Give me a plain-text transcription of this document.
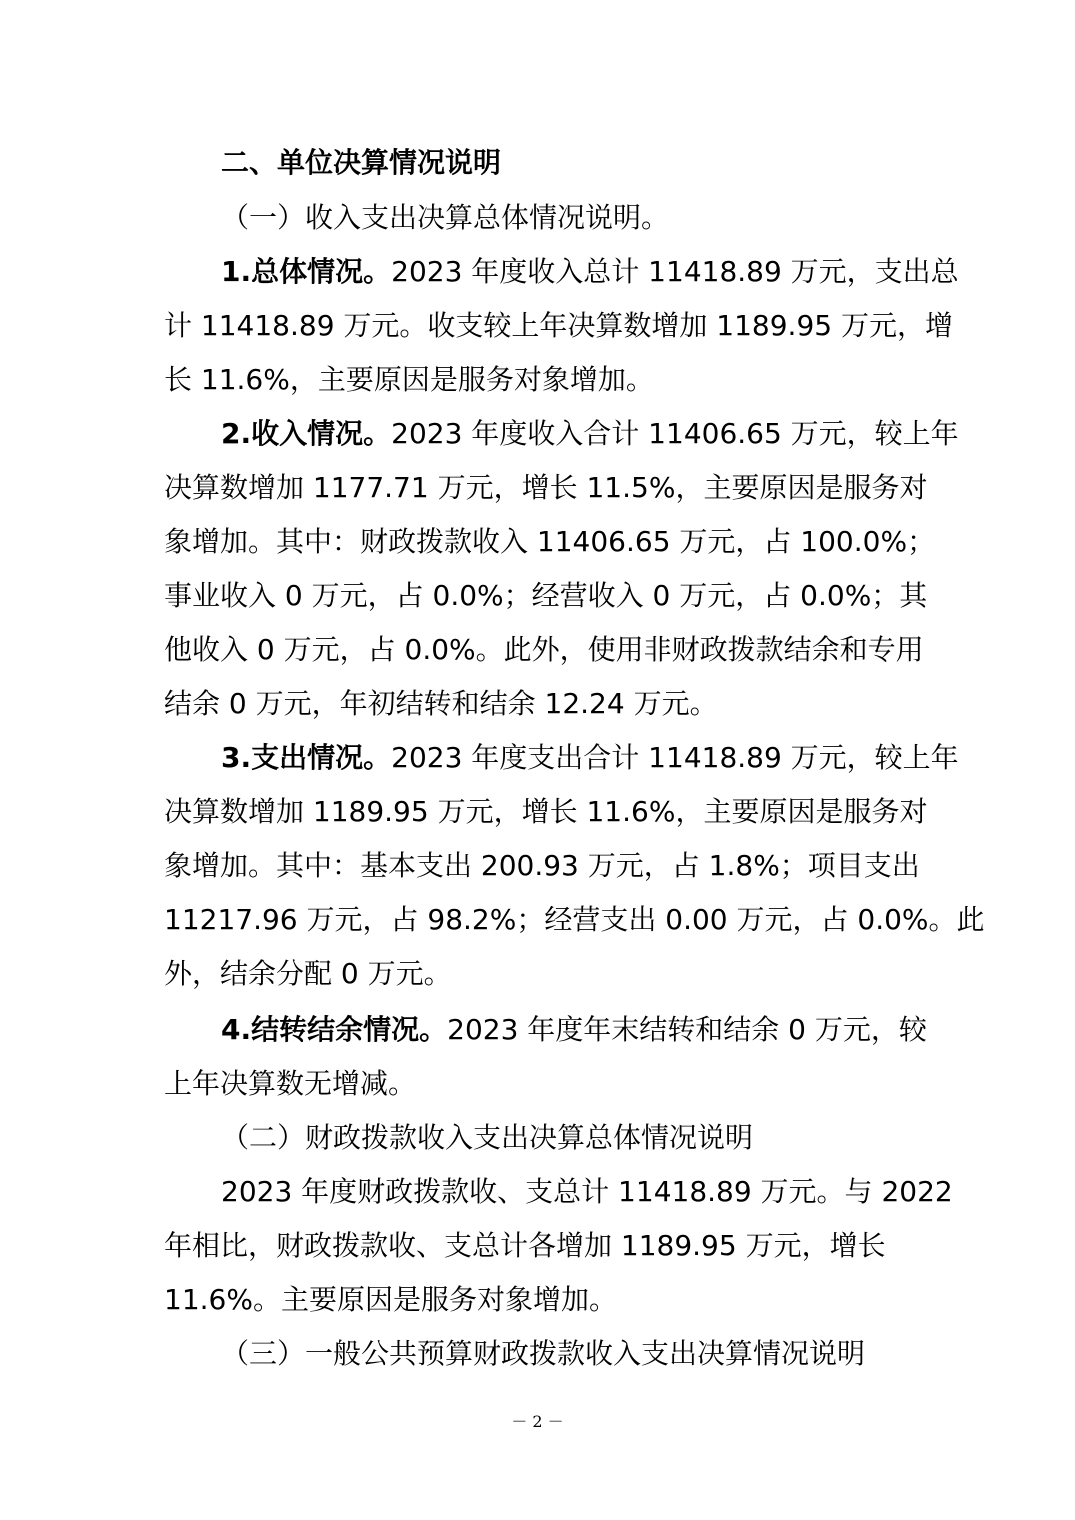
二、单位决算情况说明
（一）收入支出决算总体情况说明。
1.总体情况。2023 年度收入总计 11418.89 万元，支出总
计 11418.89 万元。收支较上年决算数增加 1189.95 万元，增
长 11.6%，主要原因是服务对象增加。
2.收入情况。2023 年度收入合计 11406.65 万元，较上年
决算数增加 1177.71 万元，增长 11.5%，主要原因是服务对
象增加。其中：财政拨款收入 11406.65 万元，占 100.0%；
事业收入 0 万元，占 0.0%；经营收入 0 万元，占 0.0%；其
他收入 0 万元，占 0.0%。此外，使用非财政拨款结余和专用
结余 0 万元，年初结转和结余 12.24 万元。
3.支出情况。2023 年度支出合计 11418.89 万元，较上年
决算数增加 1189.95 万元，增长 11.6%，主要原因是服务对
象增加。其中：基本支出 200.93 万元，占 1.8%；项目支出
11217.96 万元，占 98.2%；经营支出 0.00 万元，占 0.0%。此
外，结余分配 0 万元。
4.结转结余情况。2023 年度年末结转和结余 0 万元，较
上年决算数无增减。
（二）财政拨款收入支出决算总体情况说明
2023 年度财政拨款收、支总计 11418.89 万元。与 2022
年相比，财政拨款收、支总计各增加 1189.95 万元，增长
11.6%。主要原因是服务对象增加。
（三）一般公共预算财政拨款收入支出决算情况说明
－ 2 －
